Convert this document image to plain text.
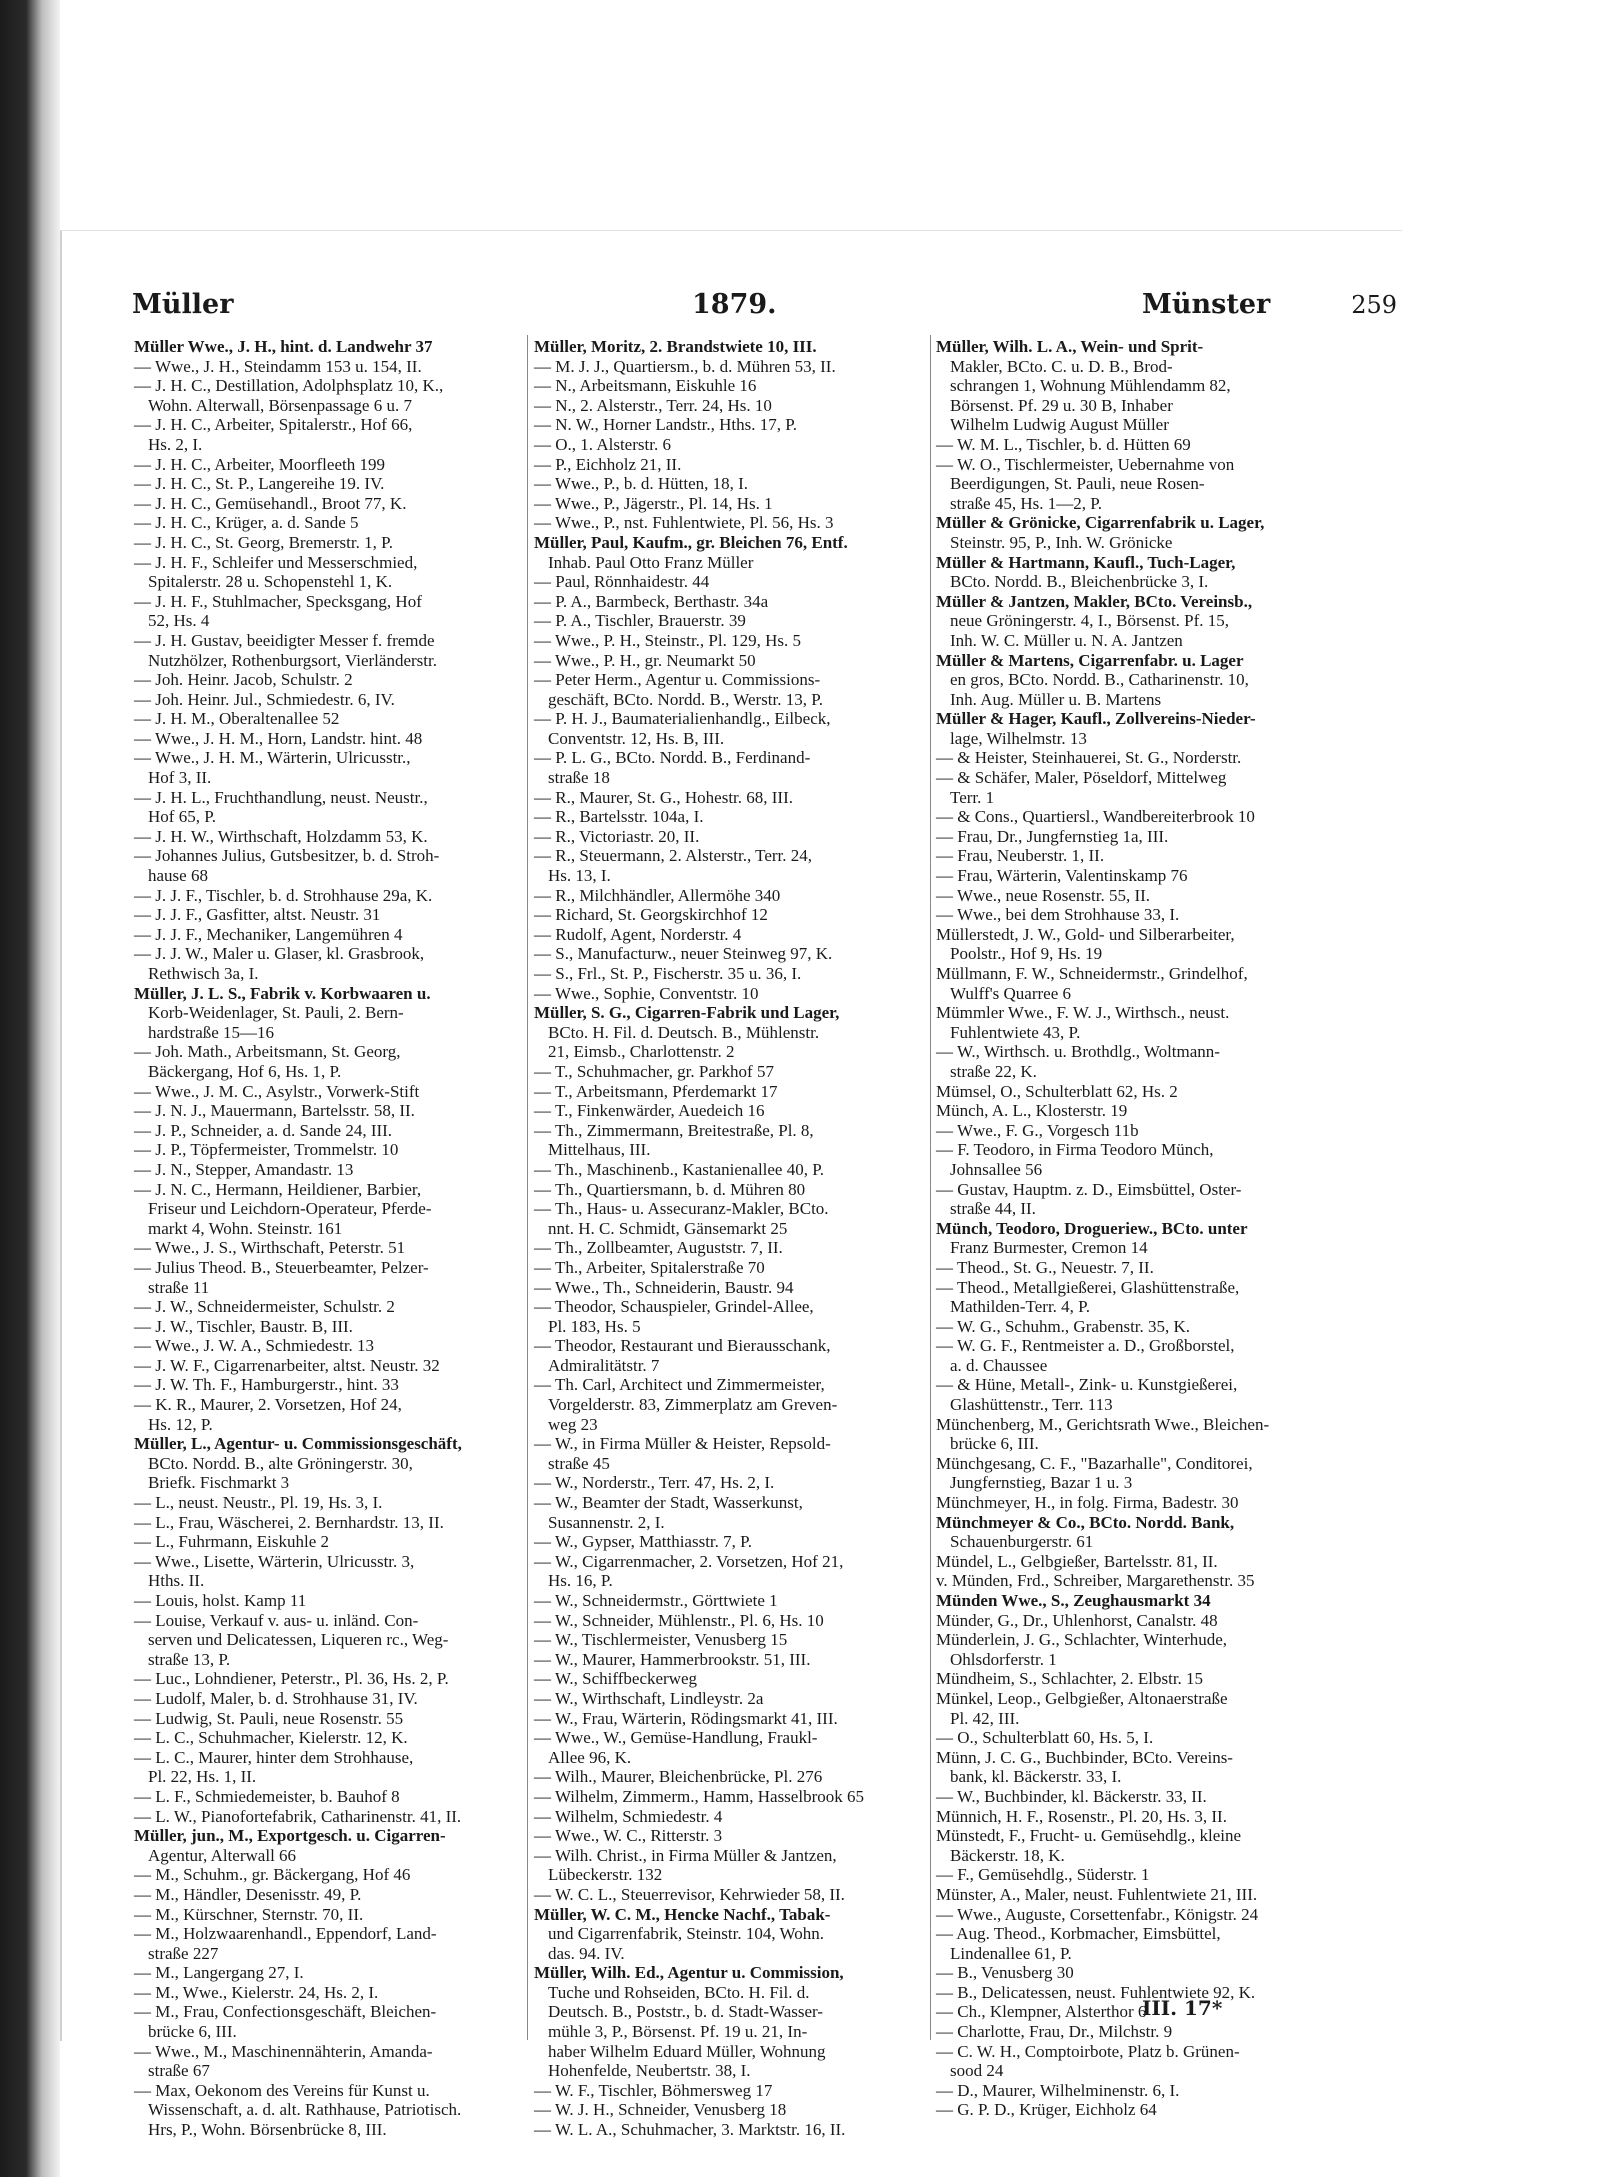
Müller	1879.	Münster	259
Müller Wwe., J. H., hint. d. Landwehr 37
— Wwe., J. H., Steindamm 153 u. 154, II.
— J. H. C., Destillation, Adolphsplatz 10, K.,
Wohn. Alterwall, Börsenpassage 6 u. 7
— J. H. C., Arbeiter, Spitalerstr., Hof 66,
Hs. 2, I.
— J. H. C., Arbeiter, Moorfleeth 199
— J. H. C., St. P., Langereihe 19. IV.
— J. H. C., Gemüsehandl., Broot 77, K.
— J. H. C., Krüger, a. d. Sande 5
— J. H. C., St. Georg, Bremerstr. 1, P.
— J. H. F., Schleifer und Messerschmied,
Spitalerstr. 28 u. Schopenstehl 1, K.
— J. H. F., Stuhlmacher, Specksgang, Hof
52, Hs. 4
— J. H. Gustav, beeidigter Messer f. fremde
Nutzhölzer, Rothenburgsort, Vierländerstr.
— Joh. Heinr. Jacob, Schulstr. 2
— Joh. Heinr. Jul., Schmiedestr. 6, IV.
— J. H. M., Oberaltenallee 52
— Wwe., J. H. M., Horn, Landstr. hint. 48
— Wwe., J. H. M., Wärterin, Ulricusstr.,
Hof 3, II.
— J. H. L., Fruchthandlung, neust. Neustr.,
Hof 65, P.
— J. H. W., Wirthschaft, Holzdamm 53, K.
— Johannes Julius, Gutsbesitzer, b. d. Stroh-
hause 68
— J. J. F., Tischler, b. d. Strohhause 29a, K.
— J. J. F., Gasfitter, altst. Neustr. 31
— J. J. F., Mechaniker, Langemühren 4
— J. J. W., Maler u. Glaser, kl. Grasbrook,
Rethwisch 3a, I.
Müller, J. L. S., Fabrik v. Korbwaaren u.
Korb-Weidenlager, St. Pauli, 2. Bern-
hardstraße 15—16
— Joh. Math., Arbeitsmann, St. Georg,
Bäckergang, Hof 6, Hs. 1, P.
— Wwe., J. M. C., Asylstr., Vorwerk-Stift
— J. N. J., Mauermann, Bartelsstr. 58, II.
— J. P., Schneider, a. d. Sande 24, III.
— J. P., Töpfermeister, Trommelstr. 10
— J. N., Stepper, Amandastr. 13
— J. N. C., Hermann, Heildiener, Barbier,
Friseur und Leichdorn-Operateur, Pferde-
markt 4, Wohn. Steinstr. 161
— Wwe., J. S., Wirthschaft, Peterstr. 51
— Julius Theod. B., Steuerbeamter, Pelzer-
straße 11
— J. W., Schneidermeister, Schulstr. 2
— J. W., Tischler, Baustr. B, III.
— Wwe., J. W. A., Schmiedestr. 13
— J. W. F., Cigarrenarbeiter, altst. Neustr. 32
— J. W. Th. F., Hamburgerstr., hint. 33
— K. R., Maurer, 2. Vorsetzen, Hof 24,
Hs. 12, P.
Müller, L., Agentur- u. Commissionsgeschäft,
BCto. Nordd. B., alte Gröningerstr. 30,
Briefk. Fischmarkt 3
— L., neust. Neustr., Pl. 19, Hs. 3, I.
— L., Frau, Wäscherei, 2. Bernhardstr. 13, II.
— L., Fuhrmann, Eiskuhle 2
— Wwe., Lisette, Wärterin, Ulricusstr. 3,
Hths. II.
— Louis, holst. Kamp 11
— Louise, Verkauf v. aus- u. inländ. Con-
serven und Delicatessen, Liqueren rc., Weg-
straße 13, P.
— Luc., Lohndiener, Peterstr., Pl. 36, Hs. 2, P.
— Ludolf, Maler, b. d. Strohhause 31, IV.
— Ludwig, St. Pauli, neue Rosenstr. 55
— L. C., Schuhmacher, Kielerstr. 12, K.
— L. C., Maurer, hinter dem Strohhause,
Pl. 22, Hs. 1, II.
— L. F., Schmiedemeister, b. Bauhof 8
— L. W., Pianofortefabrik, Catharinenstr. 41, II.
Müller, jun., M., Exportgesch. u. Cigarren-
Agentur, Alterwall 66
— M., Schuhm., gr. Bäckergang, Hof 46
— M., Händler, Desenisstr. 49, P.
— M., Kürschner, Sternstr. 70, II.
— M., Holzwaarenhandl., Eppendorf, Land-
straße 227
— M., Langergang 27, I.
— M., Wwe., Kielerstr. 24, Hs. 2, I.
— M., Frau, Confectionsgeschäft, Bleichen-
brücke 6, III.
— Wwe., M., Maschinennähterin, Amanda-
straße 67
— Max, Oekonom des Vereins für Kunst u.
Wissenschaft, a. d. alt. Rathhause, Patriotisch.
Hrs, P., Wohn. Börsenbrücke 8, III.
Müller, Moritz, 2. Brandstwiete 10, III.
— M. J. J., Quartiersm., b. d. Mühren 53, II.
— N., Arbeitsmann, Eiskuhle 16
— N., 2. Alsterstr., Terr. 24, Hs. 10
— N. W., Horner Landstr., Hths. 17, P.
— O., 1. Alsterstr. 6
— P., Eichholz 21, II.
— Wwe., P., b. d. Hütten, 18, I.
— Wwe., P., Jägerstr., Pl. 14, Hs. 1
— Wwe., P., nst. Fuhlentwiete, Pl. 56, Hs. 3
Müller, Paul, Kaufm., gr. Bleichen 76, Entf.
Inhab. Paul Otto Franz Müller
— Paul, Rönnhaidestr. 44
— P. A., Barmbeck, Berthastr. 34a
— P. A., Tischler, Brauerstr. 39
— Wwe., P. H., Steinstr., Pl. 129, Hs. 5
— Wwe., P. H., gr. Neumarkt 50
— Peter Herm., Agentur u. Commissions-
geschäft, BCto. Nordd. B., Werstr. 13, P.
— P. H. J., Baumaterialienhandlg., Eilbeck,
Conventstr. 12, Hs. B, III.
— P. L. G., BCto. Nordd. B., Ferdinand-
straße 18
— R., Maurer, St. G., Hohestr. 68, III.
— R., Bartelsstr. 104a, I.
— R., Victoriastr. 20, II.
— R., Steuermann, 2. Alsterstr., Terr. 24,
Hs. 13, I.
— R., Milchhändler, Allermöhe 340
— Richard, St. Georgskirchhof 12
— Rudolf, Agent, Norderstr. 4
— S., Manufacturw., neuer Steinweg 97, K.
— S., Frl., St. P., Fischerstr. 35 u. 36, I.
— Wwe., Sophie, Conventstr. 10
Müller, S. G., Cigarren-Fabrik und Lager,
BCto. H. Fil. d. Deutsch. B., Mühlenstr.
21, Eimsb., Charlottenstr. 2
— T., Schuhmacher, gr. Parkhof 57
— T., Arbeitsmann, Pferdemarkt 17
— T., Finkenwärder, Auedeich 16
— Th., Zimmermann, Breitestraße, Pl. 8,
Mittelhaus, III.
— Th., Maschinenb., Kastanienallee 40, P.
— Th., Quartiersmann, b. d. Mühren 80
— Th., Haus- u. Assecuranz-Makler, BCto.
nnt. H. C. Schmidt, Gänsemarkt 25
— Th., Zollbeamter, Auguststr. 7, II.
— Th., Arbeiter, Spitalerstraße 70
— Wwe., Th., Schneiderin, Baustr. 94
— Theodor, Schauspieler, Grindel-Allee,
Pl. 183, Hs. 5
— Theodor, Restaurant und Bierausschank,
Admiralitätstr. 7
— Th. Carl, Architect und Zimmermeister,
Vorgelderstr. 83, Zimmerplatz am Greven-
weg 23
— W., in Firma Müller & Heister, Repsold-
straße 45
— W., Norderstr., Terr. 47, Hs. 2, I.
— W., Beamter der Stadt, Wasserkunst,
Susannenstr. 2, I.
— W., Gypser, Matthiasstr. 7, P.
— W., Cigarrenmacher, 2. Vorsetzen, Hof 21,
Hs. 16, P.
— W., Schneidermstr., Görttwiete 1
— W., Schneider, Mühlenstr., Pl. 6, Hs. 10
— W., Tischlermeister, Venusberg 15
— W., Maurer, Hammerbrookstr. 51, III.
— W., Schiffbeckerweg
— W., Wirthschaft, Lindleystr. 2a
— W., Frau, Wärterin, Rödingsmarkt 41, III.
— Wwe., W., Gemüse-Handlung, Fraukl-
Allee 96, K.
— Wilh., Maurer, Bleichenbrücke, Pl. 276
— Wilhelm, Zimmerm., Hamm, Hasselbrook 65
— Wilhelm, Schmiedestr. 4
— Wwe., W. C., Ritterstr. 3
— Wilh. Christ., in Firma Müller & Jantzen,
Lübeckerstr. 132
— W. C. L., Steuerrevisor, Kehrwieder 58, II.
Müller, W. C. M., Hencke Nachf., Tabak-
und Cigarrenfabrik, Steinstr. 104, Wohn.
das. 94. IV.
Müller, Wilh. Ed., Agentur u. Commission,
Tuche und Rohseiden, BCto. H. Fil. d.
Deutsch. B., Poststr., b. d. Stadt-Wasser-
mühle 3, P., Börsenst. Pf. 19 u. 21, In-
haber Wilhelm Eduard Müller, Wohnung
Hohenfelde, Neubertstr. 38, I.
— W. F., Tischler, Böhmersweg 17
— W. J. H., Schneider, Venusberg 18
— W. L. A., Schuhmacher, 3. Marktstr. 16, II.
Müller, Wilh. L. A., Wein- und Sprit-
Makler, BCto. C. u. D. B., Brod-
schrangen 1, Wohnung Mühlendamm 82,
Börsenst. Pf. 29 u. 30 B, Inhaber
Wilhelm Ludwig August Müller
— W. M. L., Tischler, b. d. Hütten 69
— W. O., Tischlermeister, Uebernahme von
Beerdigungen, St. Pauli, neue Rosen-
straße 45, Hs. 1—2, P.
Müller & Grönicke, Cigarrenfabrik u. Lager,
Steinstr. 95, P., Inh. W. Grönicke
Müller & Hartmann, Kaufl., Tuch-Lager,
BCto. Nordd. B., Bleichenbrücke 3, I.
Müller & Jantzen, Makler, BCto. Vereinsb.,
neue Gröningerstr. 4, I., Börsenst. Pf. 15,
Inh. W. C. Müller u. N. A. Jantzen
Müller & Martens, Cigarrenfabr. u. Lager
en gros, BCto. Nordd. B., Catharinenstr. 10,
Inh. Aug. Müller u. B. Martens
Müller & Hager, Kaufl., Zollvereins-Nieder-
lage, Wilhelmstr. 13
— & Heister, Steinhauerei, St. G., Norderstr.
— & Schäfer, Maler, Pöseldorf, Mittelweg
Terr. 1
— & Cons., Quartiersl., Wandbereiterbrook 10
— Frau, Dr., Jungfernstieg 1a, III.
— Frau, Neuberstr. 1, II.
— Frau, Wärterin, Valentinskamp 76
— Wwe., neue Rosenstr. 55, II.
— Wwe., bei dem Strohhause 33, I.
Müllerstedt, J. W., Gold- und Silberarbeiter,
Poolstr., Hof 9, Hs. 19
Müllmann, F. W., Schneidermstr., Grindelhof,
Wulff's Quarree 6
Mümmler Wwe., F. W. J., Wirthsch., neust.
Fuhlentwiete 43, P.
— W., Wirthsch. u. Brothdlg., Woltmann-
straße 22, K.
Mümsel, O., Schulterblatt 62, Hs. 2
Münch, A. L., Klosterstr. 19
— Wwe., F. G., Vorgesch 11b
— F. Teodoro, in Firma Teodoro Münch,
Johnsallee 56
— Gustav, Hauptm. z. D., Eimsbüttel, Oster-
straße 44, II.
Münch, Teodoro, Drogueriew., BCto. unter
Franz Burmester, Cremon 14
— Theod., St. G., Neuestr. 7, II.
— Theod., Metallgießerei, Glashüttenstraße,
Mathilden-Terr. 4, P.
— W. G., Schuhm., Grabenstr. 35, K.
— W. G. F., Rentmeister a. D., Großborstel,
a. d. Chaussee
— & Hüne, Metall-, Zink- u. Kunstgießerei,
Glashüttenstr., Terr. 113
Münchenberg, M., Gerichtsrath Wwe., Bleichen-
brücke 6, III.
Münchgesang, C. F., "Bazarhalle", Conditorei,
Jungfernstieg, Bazar 1 u. 3
Münchmeyer, H., in folg. Firma, Badestr. 30
Münchmeyer & Co., BCto. Nordd. Bank,
Schauenburgerstr. 61
Mündel, L., Gelbgießer, Bartelsstr. 81, II.
v. Münden, Frd., Schreiber, Margarethenstr. 35
Münden Wwe., S., Zeughausmarkt 34
Münder, G., Dr., Uhlenhorst, Canalstr. 48
Münderlein, J. G., Schlachter, Winterhude,
Ohlsdorferstr. 1
Mündheim, S., Schlachter, 2. Elbstr. 15
Münkel, Leop., Gelbgießer, Altonaerstraße
Pl. 42, III.
— O., Schulterblatt 60, Hs. 5, I.
Münn, J. C. G., Buchbinder, BCto. Vereins-
bank, kl. Bäckerstr. 33, I.
— W., Buchbinder, kl. Bäckerstr. 33, II.
Münnich, H. F., Rosenstr., Pl. 20, Hs. 3, II.
Münstedt, F., Frucht- u. Gemüsehdlg., kleine
Bäckerstr. 18, K.
— F., Gemüsehdlg., Süderstr. 1
Münster, A., Maler, neust. Fuhlentwiete 21, III.
— Wwe., Auguste, Corsettenfabr., Königstr. 24
— Aug. Theod., Korbmacher, Eimsbüttel,
Lindenallee 61, P.
— B., Venusberg 30
— B., Delicatessen, neust. Fuhlentwiete 92, K.
— Ch., Klempner, Alsterthor 6
— Charlotte, Frau, Dr., Milchstr. 9
— C. W. H., Comptoirbote, Platz b. Grünen-
sood 24
— D., Maurer, Wilhelminenstr. 6, I.
— G. P. D., Krüger, Eichholz 64
III. 17*
